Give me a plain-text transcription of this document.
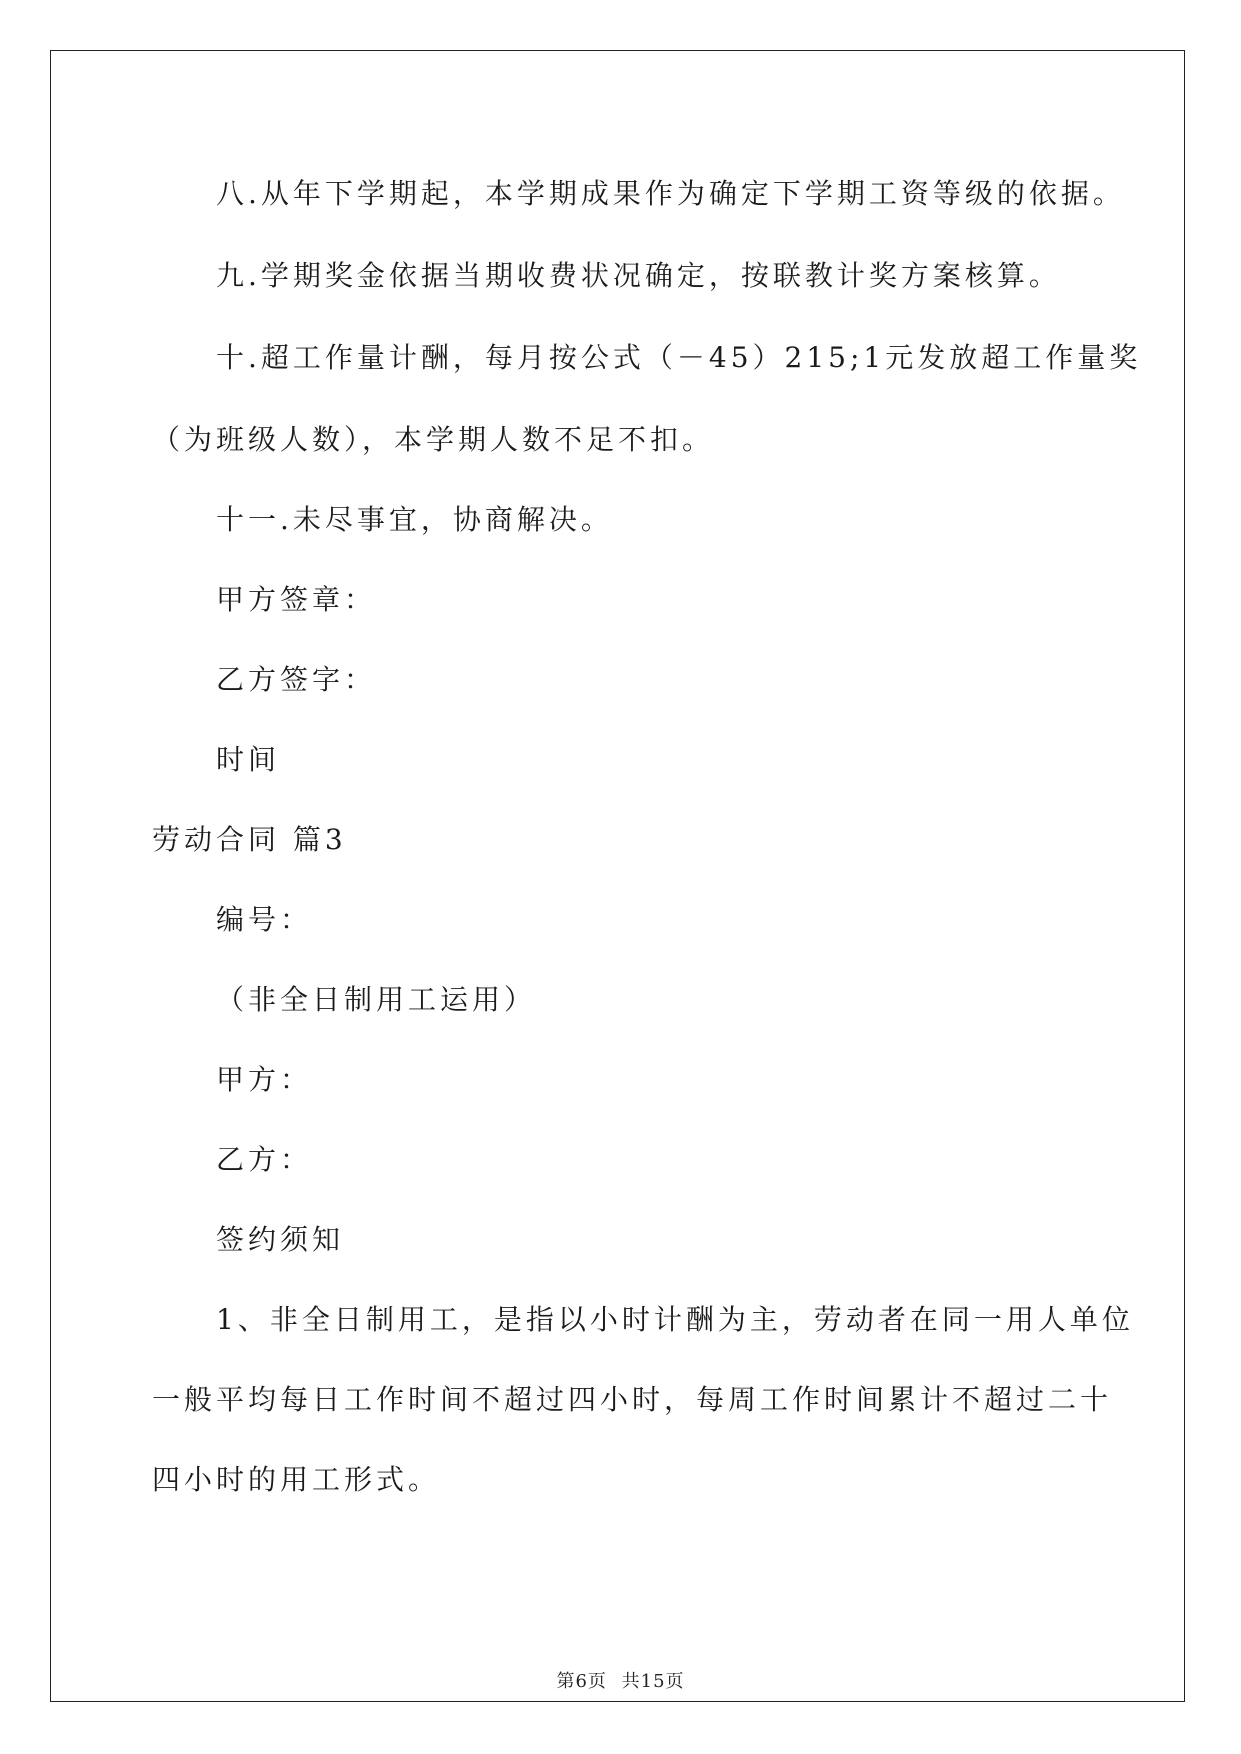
八.从年下学期起，本学期成果作为确定下学期工资等级的依据。
九.学期奖金依据当期收费状况确定，按联教计奖方案核算。
十.超工作量计酬，每月按公式（－45）215;1元发放超工作量奖
（为班级人数），本学期人数不足不扣。
十一.未尽事宜，协商解决。
甲方签章：
乙方签字：
时间
劳动合同 篇3
编号：
（非全日制用工运用）
甲方：
乙方：
签约须知
1、非全日制用工，是指以小时计酬为主，劳动者在同一用人单位
一般平均每日工作时间不超过四小时，每周工作时间累计不超过二十
四小时的用工形式。
第6页 共15页
